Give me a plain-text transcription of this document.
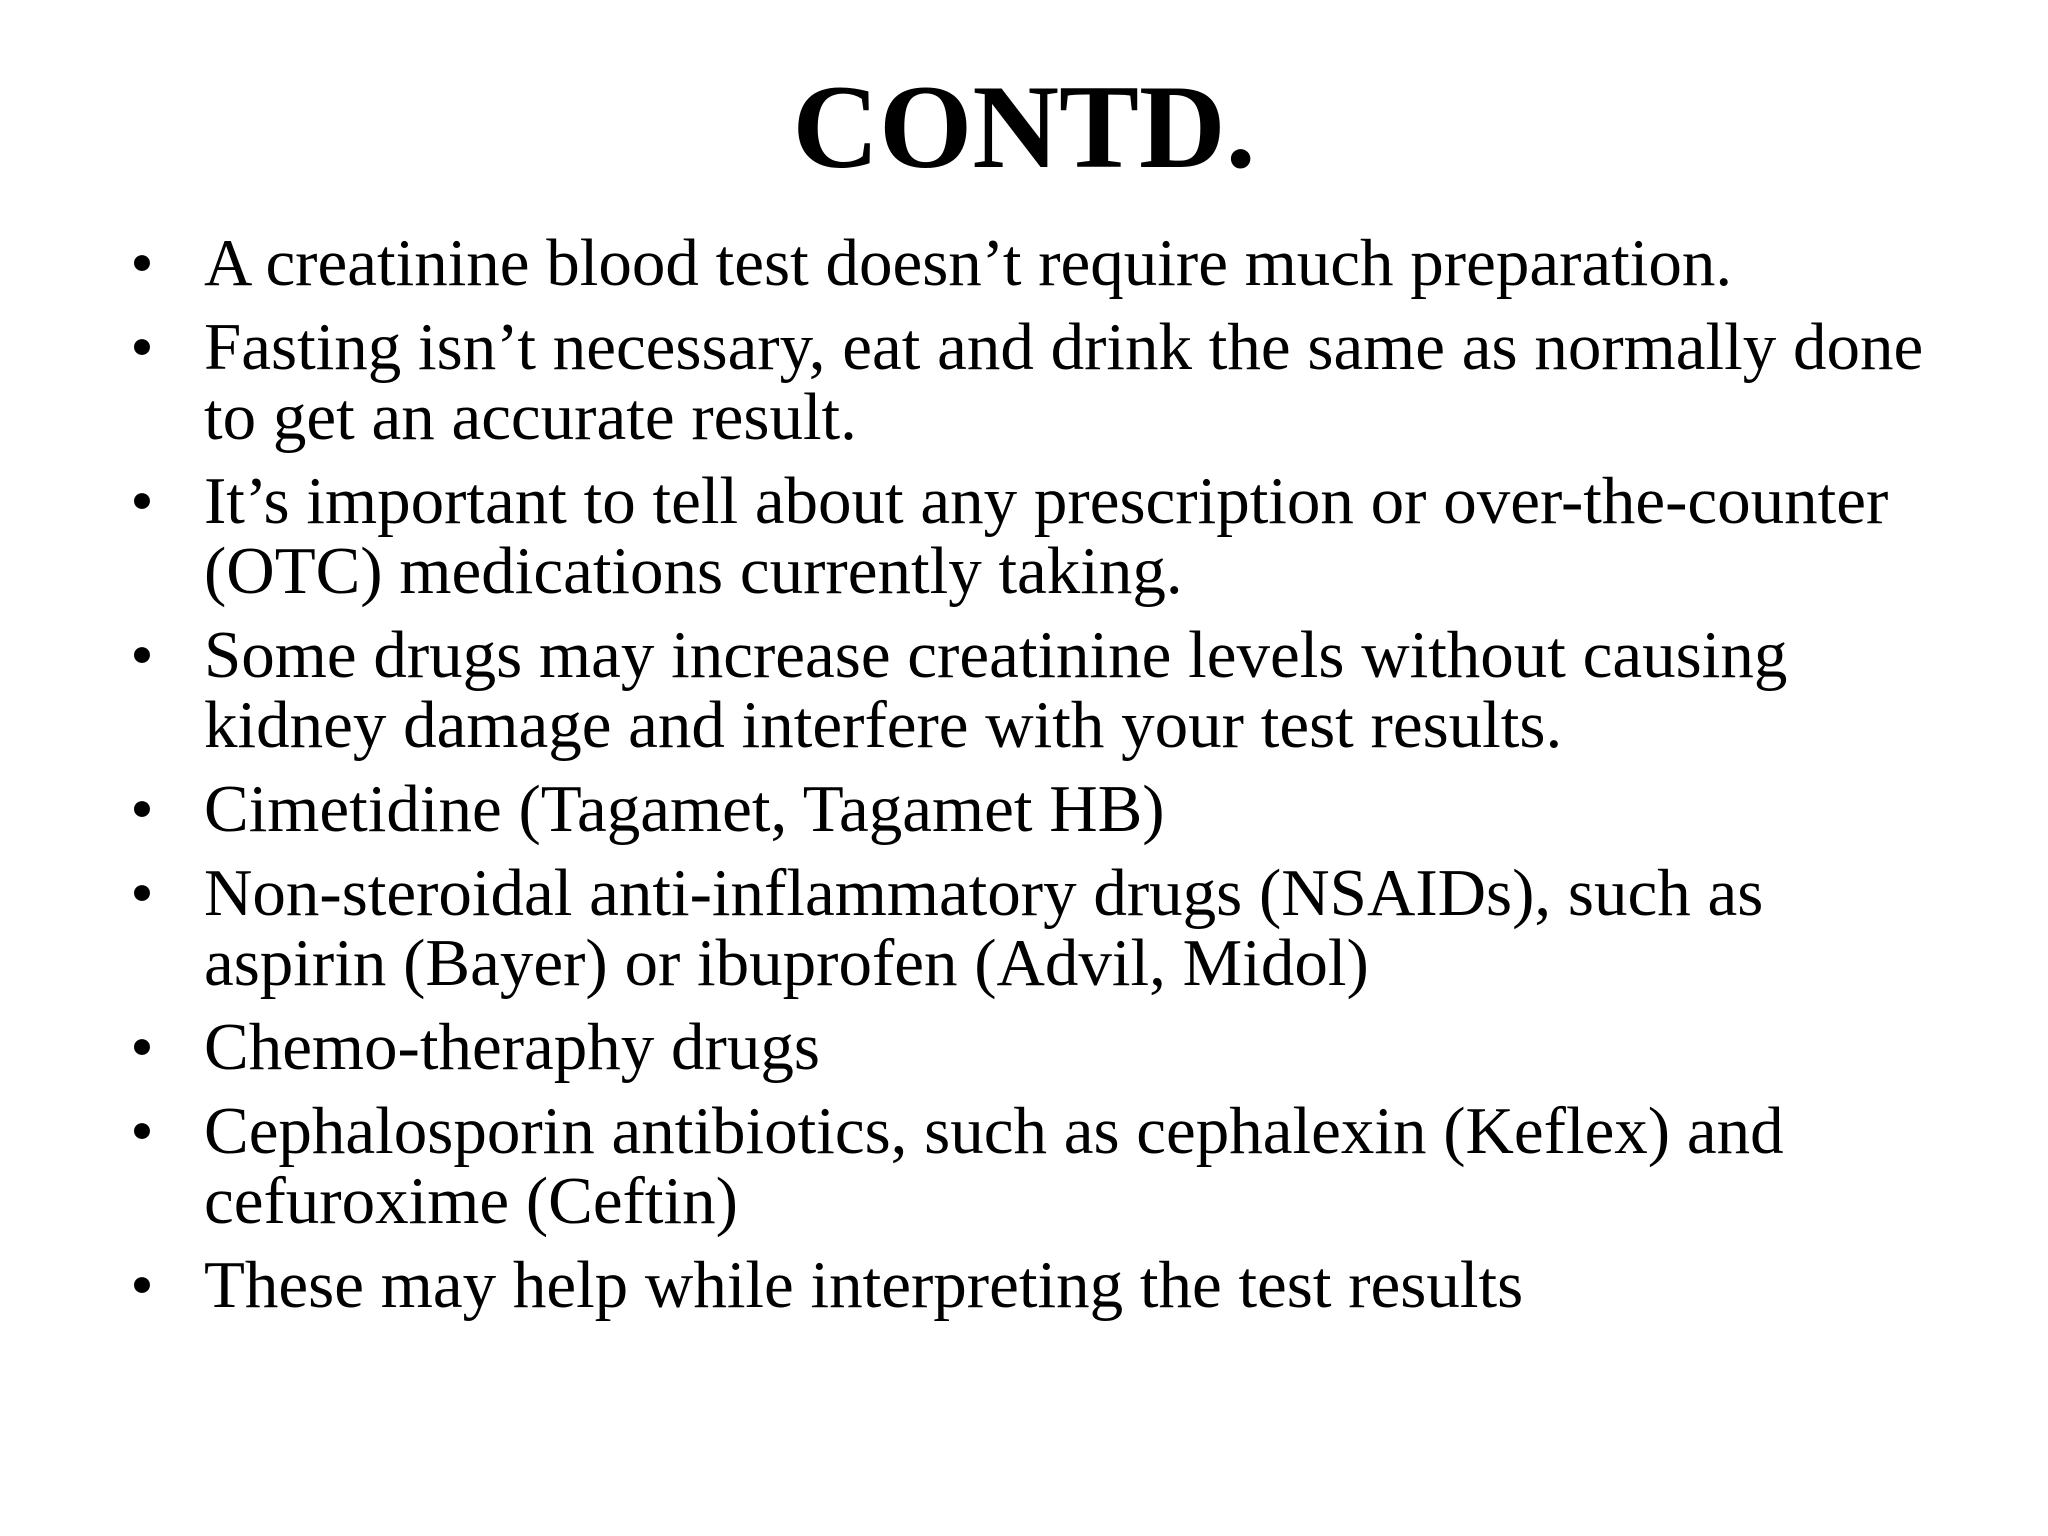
CONTD.
• A creatinine blood test doesn’t require much preparation.
• Fasting isn’t necessary, eat and drink the same as normally done to get an accurate result.
• It’s important to tell about any prescription or over-the-counter (OTC) medications currently taking.
• Some drugs may increase creatinine levels without causing kidney damage and interfere with your test results.
• Cimetidine (Tagamet, Tagamet HB)
• Non-steroidal anti-inflammatory drugs (NSAIDs), such as aspirin (Bayer) or ibuprofen (Advil, Midol)
• Chemo-theraphy drugs
• Cephalosporin antibiotics, such as cephalexin (Keflex) and cefuroxime (Ceftin)
• These may help while interpreting the test results
